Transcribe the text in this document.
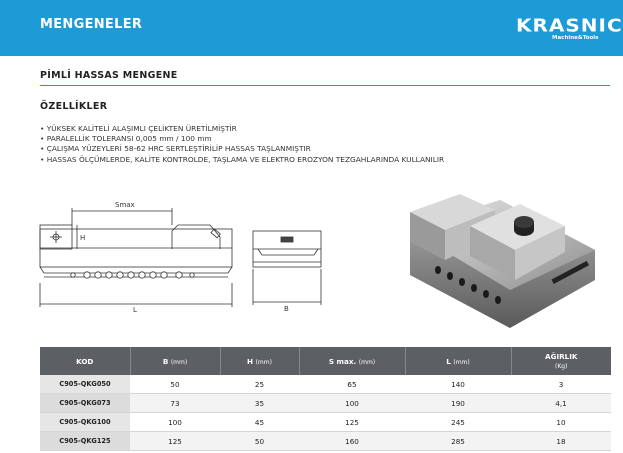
MENGENELER	KRASNIC
Machine&Tools
PİMLİ HASSAS MENGENE
ÖZELLİKLER
• YÜKSEK KALİTELİ ALAŞIMLI ÇELİKTEN ÜRETİLMİŞTİR
• PARALELLİK TOLERANSI 0,005 mm / 100 mm
• ÇALIŞMA YÜZEYLERİ 58-62 HRC SERTLEŞTİRİLİP HASSAS TAŞLANMIŞTIR
• HASSAS ÖLÇÜMLERDE, KALİTE KONTROLDE, TAŞLAMA VE ELEKTRO EROZYON TEZGAHLARINDA KULLANILIR
Smax
H
L	B
KOD	B (mm)	H (mm)	S max. (mm)	L (mm)	AĞIRLIK
(Kg)
C905-QKG050	50	25	65	140	3
C905-QKG073	73	35	100	190	4,1
C905-QKG100	100	45	125	245	10
C905-QKG125	125	50	160	285	18
